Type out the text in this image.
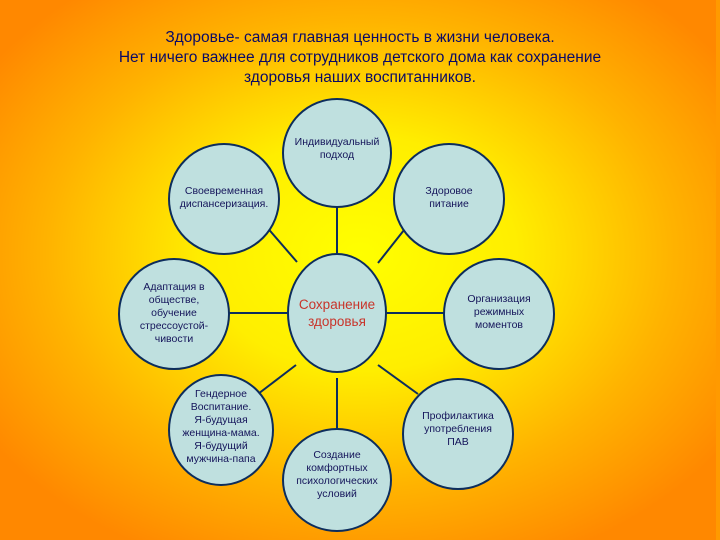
Здоровье- самая главная ценность в жизни человека.
Нет ничего важнее для сотрудников детского дома как сохранение
здоровья наших воспитанников.
Сохранение
здоровья
Индивидуальный
подход
Своевременная
диспансеризация.
Здоровое
питание
Адаптация в
обществе,
обучение
стрессоустой-
чивости
Организация
режимных
моментов
Гендерное
Воспитание.
Я-будущая
женщина-мама.
Я-будущий
мужчина-папа
Профилактика
употребления
ПАВ
Создание
комфортных
психологических
условий
